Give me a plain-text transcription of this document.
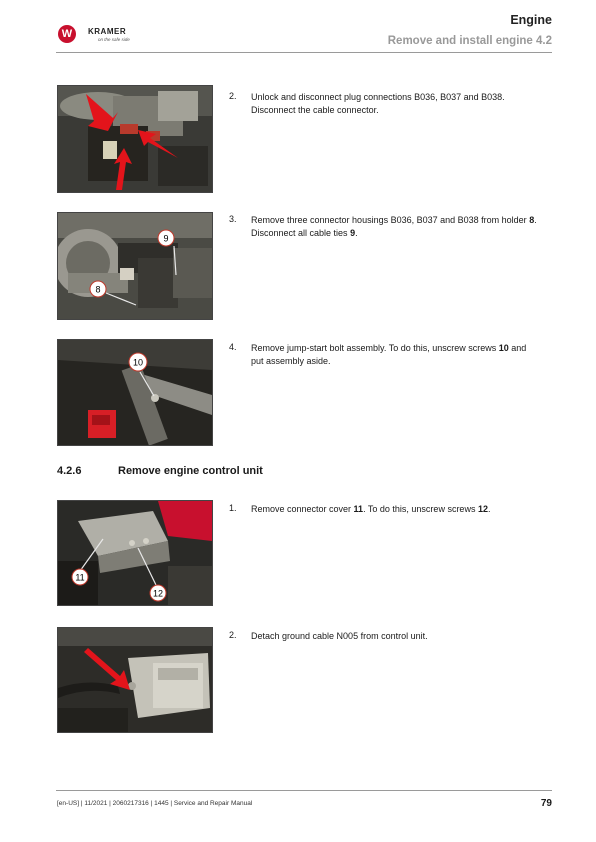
W	KRAMER
on the safe side
Engine
Remove and install engine 4.2
2. Unlock and disconnect plug connections B036, B037 and B038. Disconnect the cable connector.
9
8
3. Remove three connector housings B036, B037 and B038 from holder 8. Disconnect all cable ties 9.
10
4. Remove jump-start bolt assembly. To do this, unscrew screws 10 and put assembly aside.
4.2.6	Remove engine control unit
11
12
1. Remove connector cover 11. To do this, unscrew screws 12.
2. Detach ground cable N005 from control unit.
[en-US] | 11/2021 | 2060217316 | 1445 | Service and Repair Manual	79
